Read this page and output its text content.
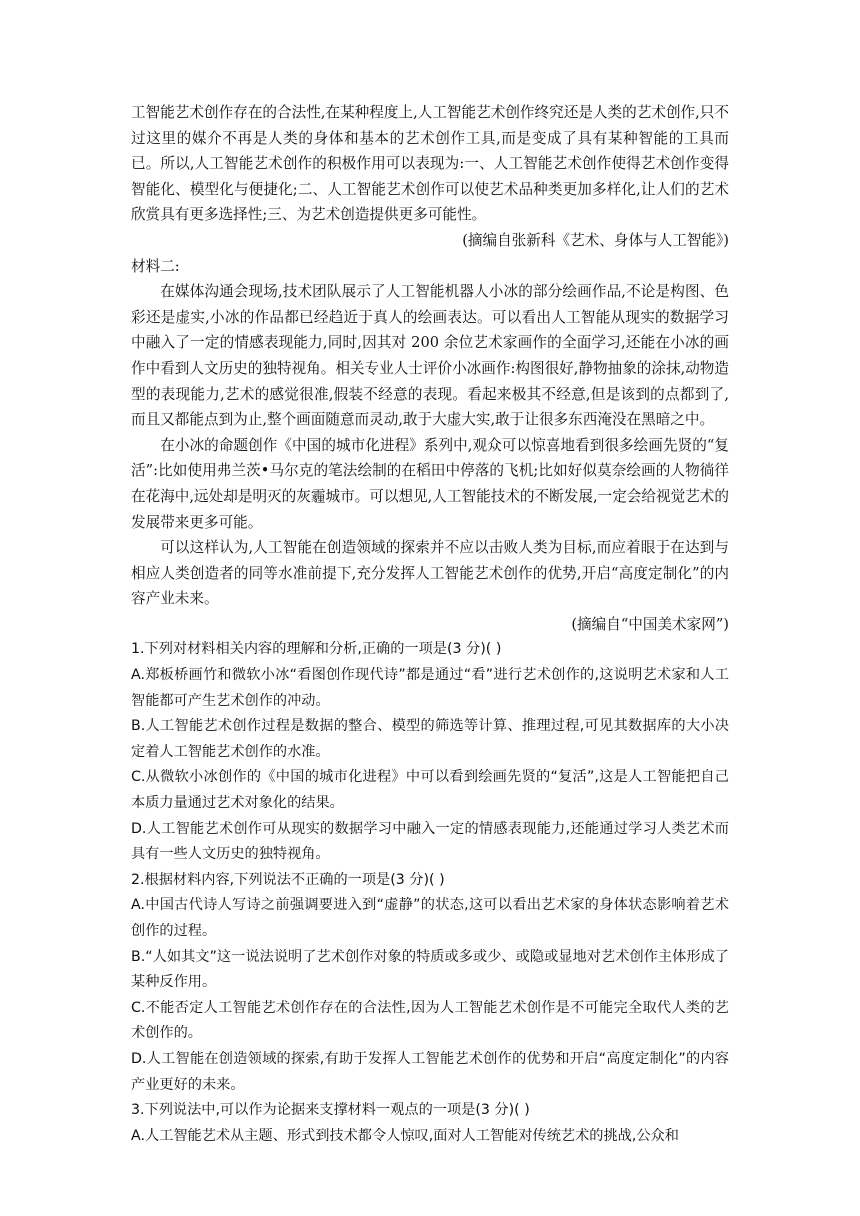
工智能艺术创作存在的合法性,在某种程度上,人工智能艺术创作终究还是人类的艺术创作,只不过这里的媒介不再是人类的身体和基本的艺术创作工具,而是变成了具有某种智能的工具而已。所以,人工智能艺术创作的积极作用可以表现为:一、人工智能艺术创作使得艺术创作变得智能化、模型化与便捷化;二、人工智能艺术创作可以使艺术品种类更加多样化,让人们的艺术欣赏具有更多选择性;三、为艺术创造提供更多可能性。

(摘编自张新科《艺术、身体与人工智能》)

材料二:

在媒体沟通会现场,技术团队展示了人工智能机器人小冰的部分绘画作品,不论是构图、色彩还是虚实,小冰的作品都已经趋近于真人的绘画表达。可以看出人工智能从现实的数据学习中融入了一定的情感表现能力,同时,因其对 200 余位艺术家画作的全面学习,还能在小冰的画作中看到人文历史的独特视角。相关专业人士评价小冰画作:构图很好,静物抽象的涂抹,动物造型的表现能力,艺术的感觉很准,假装不经意的表现。看起来极其不经意,但是该到的点都到了,而且又都能点到为止,整个画面随意而灵动,敢于大虚大实,敢于让很多东西淹没在黑暗之中。

在小冰的命题创作《中国的城市化进程》系列中,观众可以惊喜地看到很多绘画先贤的“复活”:比如使用弗兰茨•马尔克的笔法绘制的在稻田中停落的飞机;比如好似莫奈绘画的人物徜徉在花海中,远处却是明灭的灰霾城市。可以想见,人工智能技术的不断发展,一定会给视觉艺术的发展带来更多可能。

可以这样认为,人工智能在创造领域的探索并不应以击败人类为目标,而应着眼于在达到与相应人类创造者的同等水准前提下,充分发挥人工智能艺术创作的优势,开启“高度定制化”的内容产业未来。

(摘编自“中国美术家网”)

1.下列对材料相关内容的理解和分析,正确的一项是(3 分)( )

A.郑板桥画竹和微软小冰“看图创作现代诗”都是通过“看”进行艺术创作的,这说明艺术家和人工智能都可产生艺术创作的冲动。

B.人工智能艺术创作过程是数据的整合、模型的筛选等计算、推理过程,可见其数据库的大小决定着人工智能艺术创作的水准。

C.从微软小冰创作的《中国的城市化进程》中可以看到绘画先贤的“复活”,这是人工智能把自己本质力量通过艺术对象化的结果。

D.人工智能艺术创作可从现实的数据学习中融入一定的情感表现能力,还能通过学习人类艺术而具有一些人文历史的独特视角。

2.根据材料内容,下列说法不正确的一项是(3 分)( )

A.中国古代诗人写诗之前强调要进入到“虚静”的状态,这可以看出艺术家的身体状态影响着艺术创作的过程。

B.“人如其文”这一说法说明了艺术创作对象的特质或多或少、或隐或显地对艺术创作主体形成了某种反作用。

C.不能否定人工智能艺术创作存在的合法性,因为人工智能艺术创作是不可能完全取代人类的艺术创作的。

D.人工智能在创造领域的探索,有助于发挥人工智能艺术创作的优势和开启“高度定制化”的内容产业更好的未来。

3.下列说法中,可以作为论据来支撑材料一观点的一项是(3 分)( )

A.人工智能艺术从主题、形式到技术都令人惊叹,面对人工智能对传统艺术的挑战,公众和
